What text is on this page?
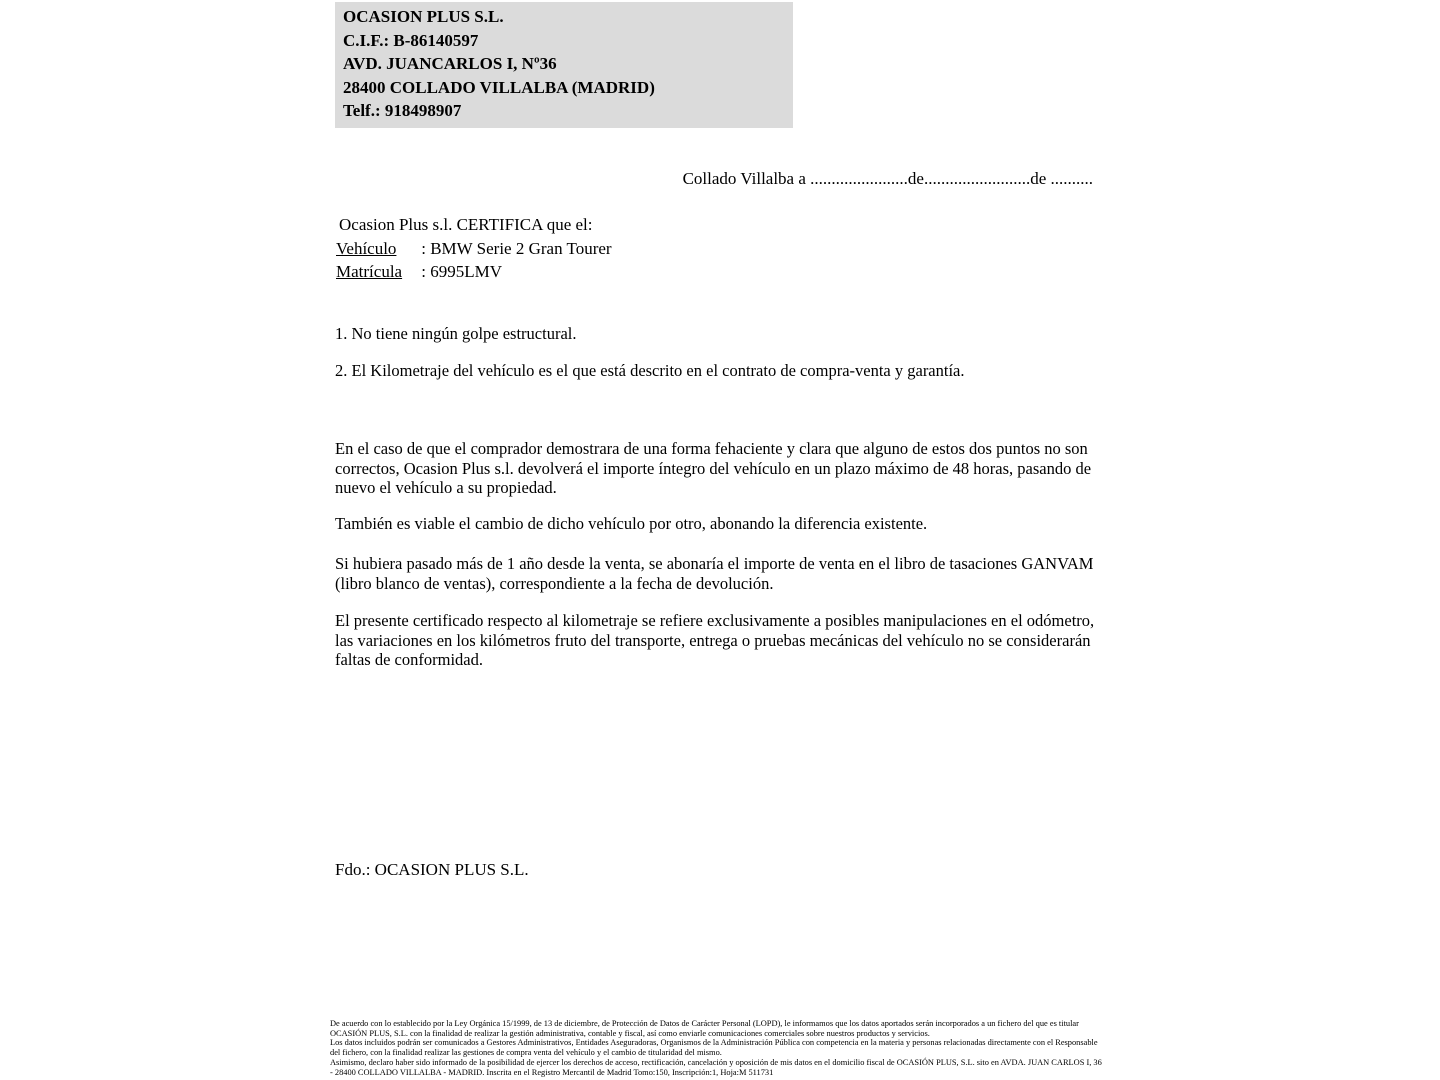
OCASION PLUS S.L.
C.I.F.: B-86140597
AVD. JUANCARLOS I, Nº36
28400 COLLADO VILLALBA (MADRID)
Telf.: 918498907
Collado Villalba a .......................de.........................de ..........
Ocasion Plus s.l. CERTIFICA que el:
Vehículo : BMW Serie 2 Gran Tourer
Matrícula : 6995LMV
1. No tiene ningún golpe estructural.
2. El Kilometraje del vehículo es el que está descrito en el contrato de compra-venta y garantía.
En el caso de que el comprador demostrara de una forma fehaciente y clara que alguno de estos dos puntos no son correctos, Ocasion Plus s.l. devolverá el importe íntegro del vehículo en un plazo máximo de 48 horas, pasando de nuevo el vehículo a su propiedad.
También es viable el cambio de dicho vehículo por otro, abonando la diferencia existente.
Si hubiera pasado más de 1 año desde la venta, se abonaría el importe de venta en el libro de tasaciones GANVAM (libro blanco de ventas), correspondiente a la fecha de devolución.
El presente certificado respecto al kilometraje se refiere exclusivamente a posibles manipulaciones en el odómetro, las variaciones en los kilómetros fruto del transporte, entrega o pruebas mecánicas del vehículo no se considerarán faltas de conformidad.
Fdo.: OCASION PLUS S.L.

De acuerdo con lo establecido por la Ley Orgánica 15/1999, de 13 de diciembre, de Protección de Datos de Carácter Personal (LOPD), le informamos que los datos aportados serán incorporados a un fichero del que es titular OCASIÓN PLUS, S.L. con la finalidad de realizar la gestión administrativa, contable y fiscal, así como enviarle comunicaciones comerciales sobre nuestros productos y servicios.

Los datos incluidos podrán ser comunicados a Gestores Administrativos, Entidades Aseguradoras, Organismos de la Administración Pública con competencia en la materia y personas relacionadas directamente con el Responsable del fichero, con la finalidad realizar las gestiones de compra venta del vehículo y el cambio de titularidad del mismo.

Asimismo, declaro haber sido informado de la posibilidad de ejercer los derechos de acceso, rectificación, cancelación y oposición de mis datos en el domicilio fiscal de OCASIÓN PLUS, S.L. sito en AVDA. JUAN CARLOS I, 36 - 28400 COLLADO VILLALBA - MADRID. Inscrita en el Registro Mercantil de Madrid Tomo:150, Inscripción:1, Hoja:M 511731
